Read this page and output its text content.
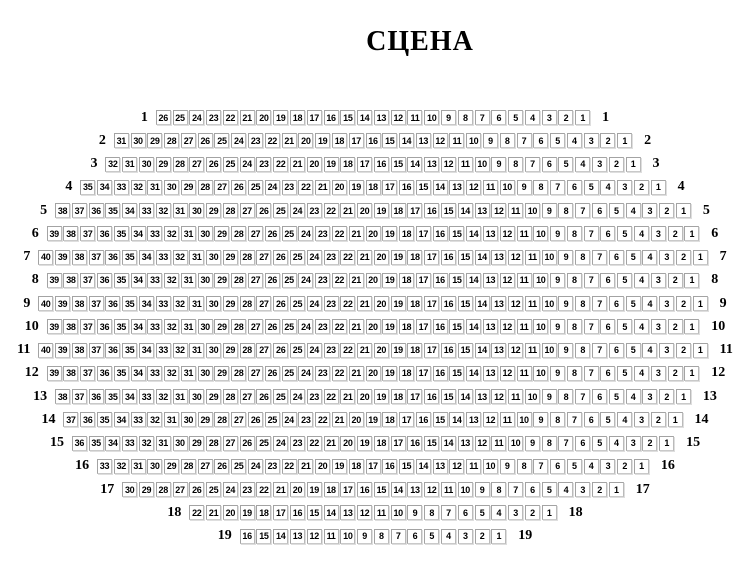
СЦЕНА
1	26 25 24 23 22 21 20 19 18 17 16 15 14 13 12 11 10	9	8	7	6	5	4	3	2	1	1
2	31 30 29 28 27 26 25 24 23 22 21 20 19 18 17 16 15 14 13 12 11 10	9	8	7	6	5	4	3	2	1	2
3	32 31 30 29 28 27 26 25 24 23 22 21 20 19 18 17 16 15 14 13 12 11 10	9	8	7	6	5	4	3	2	1	3
4	35 34 33 32 31 30 29 28 27 26 25 24 23 22 21 20 19 18 17 16 15 14 13 12 11 10	9	8	7	6	5	4	3	2	1	4
5	38 37 36 35 34 33 32 31 30 29 28 27 26 25 24 23 22 21 20 19 18 17 16 15 14 13 12 11 10	9	8	7	6	5	4	3	2	1	5
6	39 38 37 36 35 34 33 32 31 30 29 28 27 26 25 24 23 22 21 20 19 18 17 16 15 14 13 12 11 10	9	8	7	6	5	4	3	2	1	6
7	40 39 38 37 36 35 34 33 32 31 30 29 28 27 26 25 24 23 22 21 20 19 18 17 16 15 14 13 12 11 10	9	8	7	6	5	4	3	2	1	7
8	39 38 37 36 35 34 33 32 31 30 29 28 27 26 25 24 23 22 21 20 19 18 17 16 15 14 13 12 11 10	9	8	7	6	5	4	3	2	1	8
9	40 39 38 37 36 35 34 33 32 31 30 29 28 27 26 25 24 23 22 21 20 19 18 17 16 15 14 13 12 11 10	9	8	7	6	5	4	3	2	1	9
10	39 38 37 36 35 34 33 32 31 30 29 28 27 26 25 24 23 22 21 20 19 18 17 16 15 14 13 12 11 10	9	8	7	6	5	4	3	2	1	10
11	40 39 38 37 36 35 34 33 32 31 30 29 28 27 26 25 24 23 22 21 20 19 18 17 16 15 14 13 12 11 10	9	8	7	6	5	4	3	2	1	11
12	39 38 37 36 35 34 33 32 31 30 29 28 27 26 25 24 23 22 21 20 19 18 17 16 15 14 13 12 11 10	9	8	7	6	5	4	3	2	1	12
13	38 37 36 35 34 33 32 31 30 29 28 27 26 25 24 23 22 21 20 19 18 17 16 15 14 13 12 11 10	9	8	7	6	5	4	3	2	1	13
14	37 36 35 34 33 32 31 30 29 28 27 26 25 24 23 22 21 20 19 18 17 16 15 14 13 12 11 10	9	8	7	6	5	4	3	2	1	14
15	36 35 34 33 32 31 30 29 28 27 26 25 24 23 22 21 20 19 18 17 16 15 14 13 12 11 10	9	8	7	6	5	4	3	2	1	15
16	33 32 31 30 29 28 27 26 25 24 23 22 21 20 19 18 17 16 15 14 13 12 11 10	9	8	7	6	5	4	3	2	1	16
17	30 29 28 27 26 25 24 23 22 21 20 19 18 17 16 15 14 13 12 11 10	9	8	7	6	5	4	3	2	1	17
18	22 21 20 19 18 17 16 15 14 13 12 11 10	9	8	7	6	5	4	3	2	1	18
19	16 15 14 13 12 11 10	9	8	7	6	5	4	3	2	1	19
